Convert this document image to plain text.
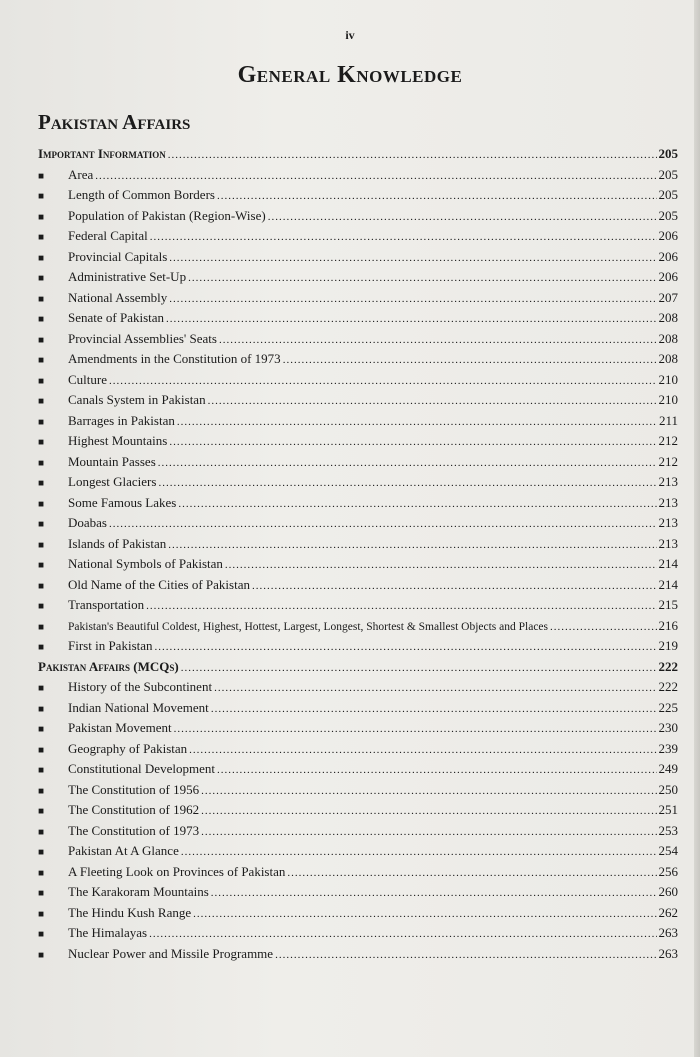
iv
General Knowledge
Pakistan Affairs
Important Information .....	205
■	Area .....	205
■	Length of Common Borders .....	205
■	Population of Pakistan (Region-Wise) .....	205
■	Federal Capital .....	206
■	Provincial Capitals .....	206
■	Administrative Set-Up .....	206
■	National Assembly .....	207
■	Senate of Pakistan .....	208
■	Provincial Assemblies' Seats .....	208
■	Amendments in the Constitution of 1973 .....	208
■	Culture .....	210
■	Canals System in Pakistan .....	210
■	Barrages in Pakistan .....	211
■	Highest Mountains .....	212
■	Mountain Passes .....	212
■	Longest Glaciers .....	213
■	Some Famous Lakes .....	213
■	Doabas .....	213
■	Islands of Pakistan .....	213
■	National Symbols of Pakistan .....	214
■	Old Name of the Cities of Pakistan .....	214
■	Transportation .....	215
■	Pakistan's Beautiful Coldest, Highest, Hottest, Largest, Longest, Shortest & Smallest Objects and Places .....	216
■	First in Pakistan .....	219
Pakistan Affairs (MCQs) .....	222
■	History of the Subcontinent .....	222
■	Indian National Movement .....	225
■	Pakistan Movement .....	230
■	Geography of Pakistan .....	239
■	Constitutional Development .....	249
■	The Constitution of 1956 .....	250
■	The Constitution of 1962 .....	251
■	The Constitution of 1973 .....	253
■	Pakistan At A Glance .....	254
■	A Fleeting Look on Provinces of Pakistan .....	256
■	The Karakoram Mountains .....	260
■	The Hindu Kush Range .....	262
■	The Himalayas .....	263
■	Nuclear Power and Missile Programme .....	263
